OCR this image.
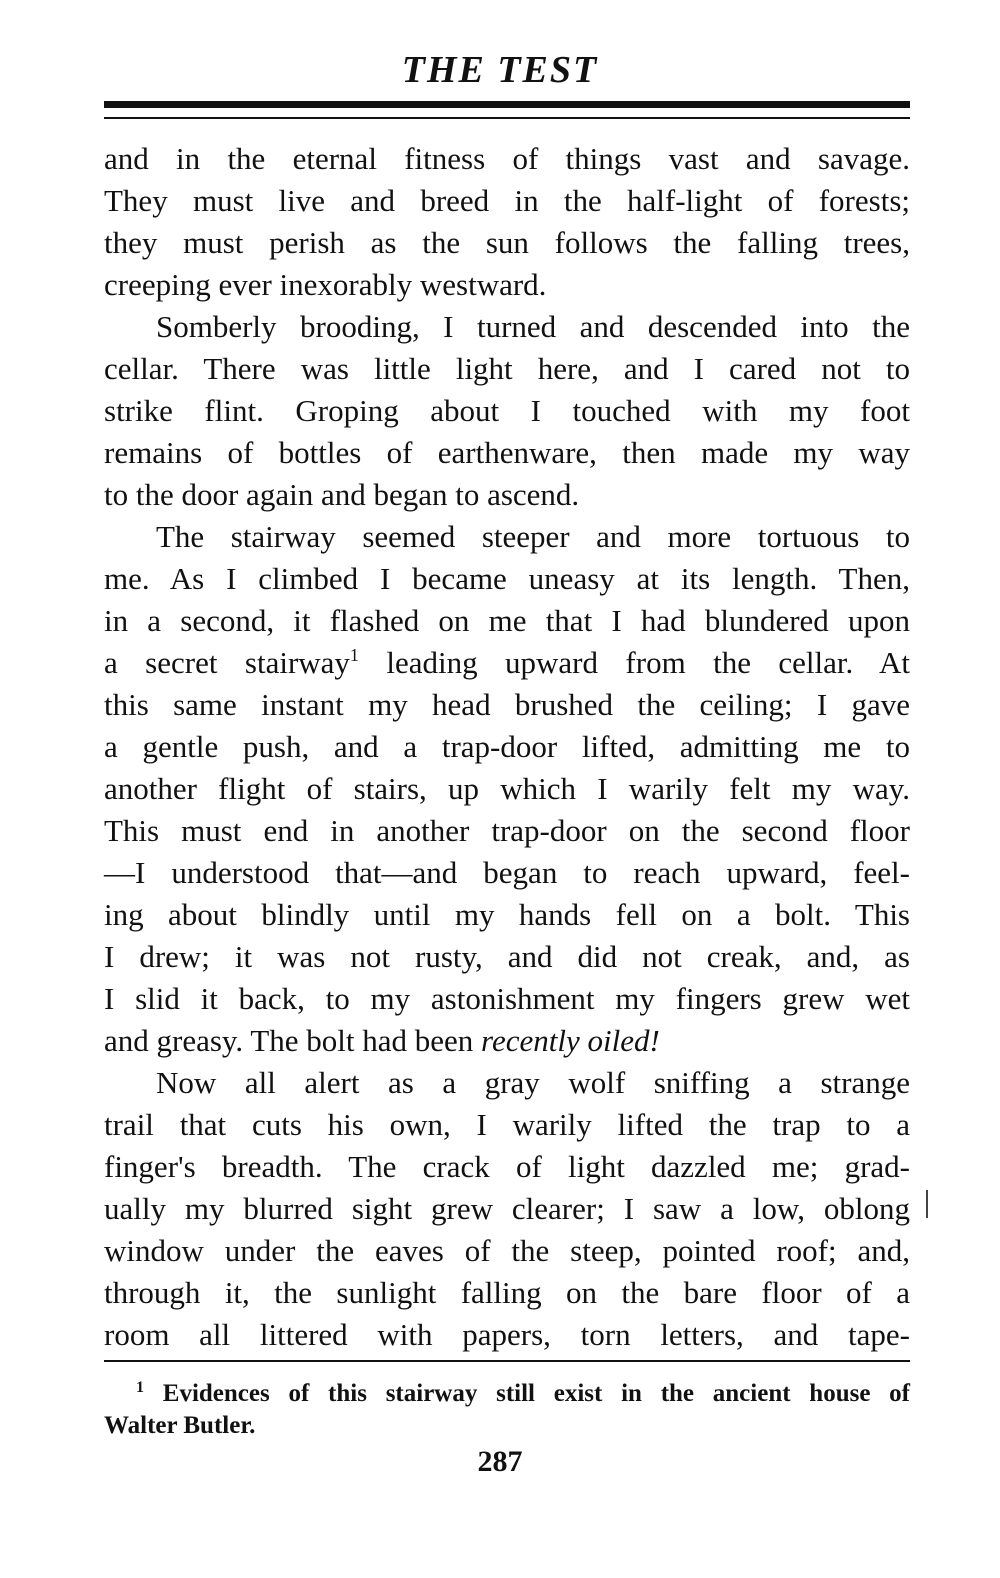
THE TEST
and in the eternal fitness of things vast and savage.
They must live and breed in the half-light of forests;
they must perish as the sun follows the falling trees,
creeping ever inexorably westward.
Somberly brooding, I turned and descended into the
cellar. There was little light here, and I cared not to
strike flint. Groping about I touched with my foot
remains of bottles of earthenware, then made my way
to the door again and began to ascend.
The stairway seemed steeper and more tortuous to
me. As I climbed I became uneasy at its length. Then,
in a second, it flashed on me that I had blundered upon
a secret stairway$^1$ leading upward from the cellar. At
this same instant my head brushed the ceiling; I gave
a gentle push, and a trap-door lifted, admitting me to
another flight of stairs, up which I warily felt my way.
This must end in another trap-door on the second floor
—I understood that—and began to reach upward, feel-
ing about blindly until my hands fell on a bolt. This
I drew; it was not rusty, and did not creak, and, as
I slid it back, to my astonishment my fingers grew wet
and greasy. The bolt had been recently oiled!
Now all alert as a gray wolf sniffing a strange
trail that cuts his own, I warily lifted the trap to a
finger's breadth. The crack of light dazzled me; grad-
ually my blurred sight grew clearer; I saw a low, oblong
window under the eaves of the steep, pointed roof; and,
through it, the sunlight falling on the bare floor of a
room all littered with papers, torn letters, and tape-
$^1$ Evidences of this stairway still exist in the ancient house of
Walter Butler.
287
